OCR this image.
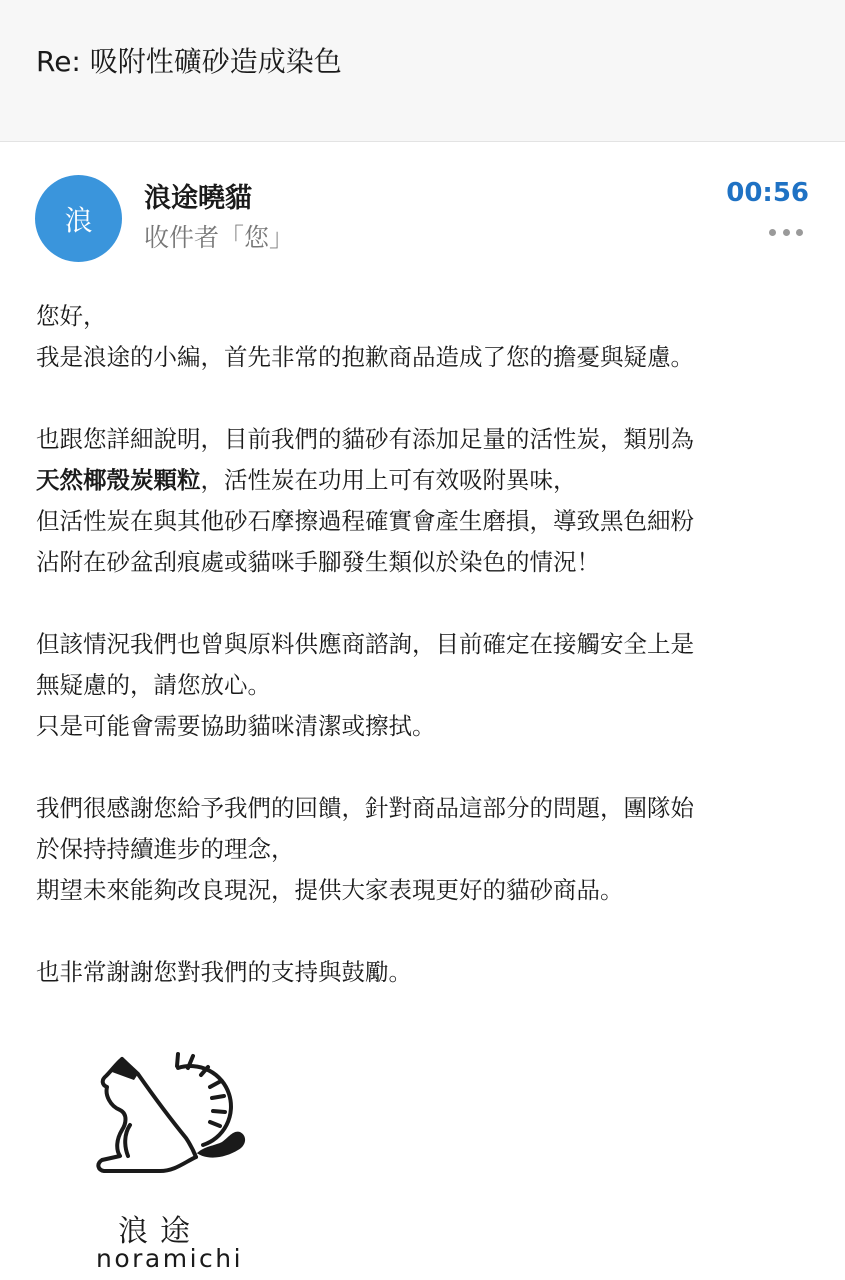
Re: 吸附性礦砂造成染色
浪
浪途曉貓
收件者「您」
00:56
您好，
我是浪途的小編，首先非常的抱歉商品造成了您的擔憂與疑慮。
也跟您詳細說明，目前我們的貓砂有添加足量的活性炭，類別為
天然椰殼炭顆粒，活性炭在功用上可有效吸附異味，
但活性炭在與其他砂石摩擦過程確實會產生磨損，導致黑色細粉
沾附在砂盆刮痕處或貓咪手腳發生類似於染色的情況！
但該情況我們也曾與原料供應商諮詢，目前確定在接觸安全上是
無疑慮的，請您放心。
只是可能會需要協助貓咪清潔或擦拭。
我們很感謝您給予我們的回饋，針對商品這部分的問題，團隊始
於保持持續進步的理念，
期望未來能夠改良現況，提供大家表現更好的貓砂商品。
也非常謝謝您對我們的支持與鼓勵。
浪途
noramichi
